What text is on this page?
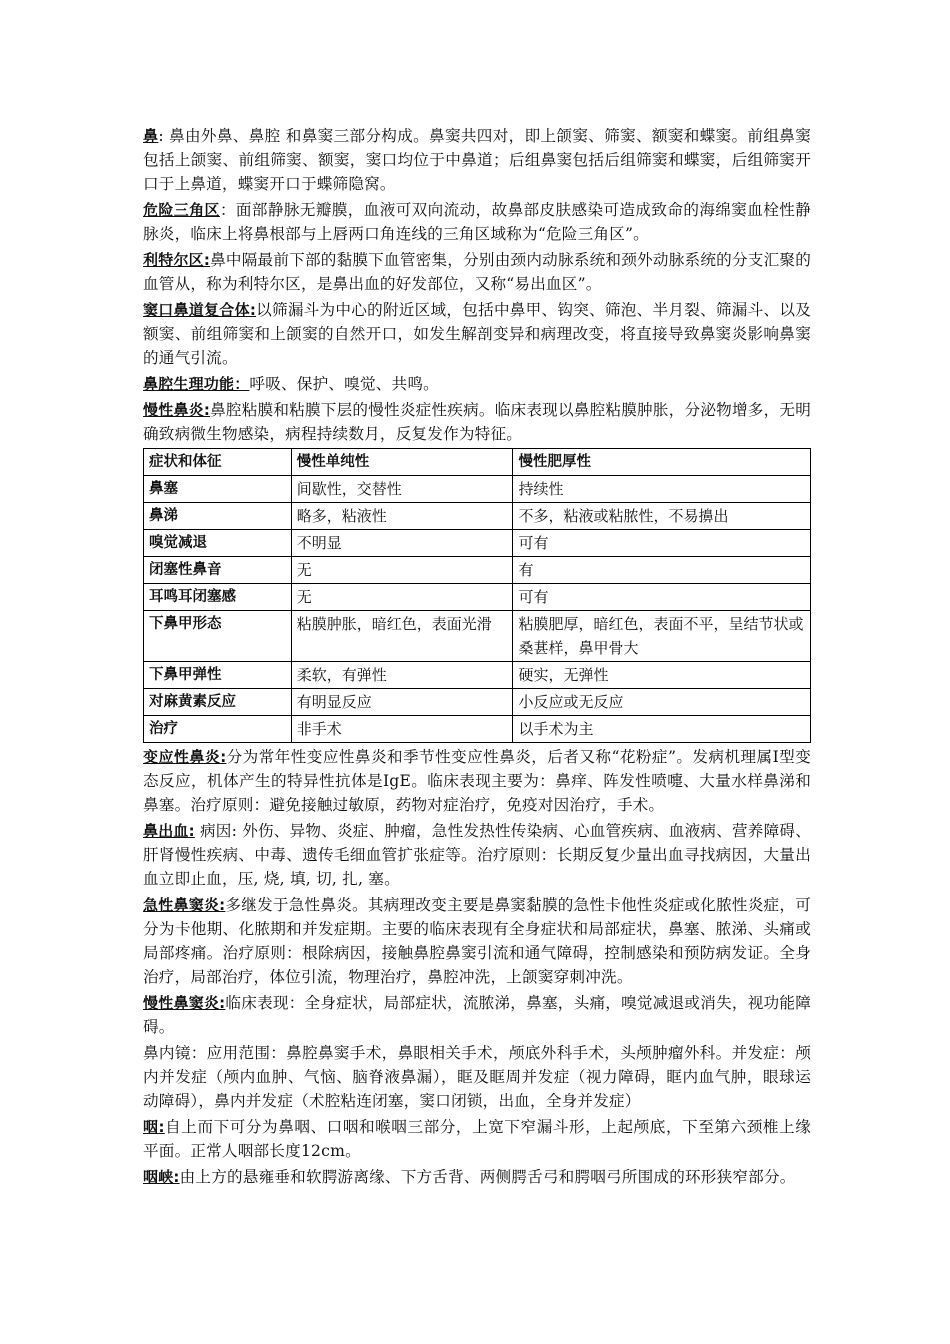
鼻: 鼻由外鼻、鼻腔 和鼻窦三部分构成。鼻窦共四对，即上颌窦、筛窦、额窦和蝶窦。前组鼻窦包括上颌窦、前组筛窦、额窦，窦口均位于中鼻道；后组鼻窦包括后组筛窦和蝶窦，后组筛窦开口于上鼻道，蝶窦开口于蝶筛隐窝。

危险三角区：面部静脉无瓣膜，血液可双向流动，故鼻部皮肤感染可造成致命的海绵窦血栓性静脉炎，临床上将鼻根部与上唇两口角连线的三角区域称为“危险三角区”。

利特尔区:鼻中隔最前下部的黏膜下血管密集，分别由颈内动脉系统和颈外动脉系统的分支汇聚的血管从，称为利特尔区，是鼻出血的好发部位，又称“易出血区”。

窦口鼻道复合体:以筛漏斗为中心的附近区域，包括中鼻甲、钩突、筛泡、半月裂、筛漏斗、以及额窦、前组筛窦和上颌窦的自然开口，如发生解剖变异和病理改变，将直接导致鼻窦炎影响鼻窦的通气引流。

鼻腔生理功能：呼吸、保护、嗅觉、共鸣。

慢性鼻炎:鼻腔粘膜和粘膜下层的慢性炎症性疾病。临床表现以鼻腔粘膜肿胀，分泌物增多，无明确致病微生物感染，病程持续数月，反复发作为特征。

症状和体征	慢性单纯性	慢性肥厚性
鼻塞	间歇性，交替性	持续性
鼻涕	略多，粘液性	不多，粘液或粘脓性，不易擤出
嗅觉减退	不明显	可有
闭塞性鼻音	无	有
耳鸣耳闭塞感	无	可有
下鼻甲形态	粘膜肿胀，暗红色，表面光滑	粘膜肥厚，暗红色，表面不平，呈结节状或桑葚样，鼻甲骨大
下鼻甲弹性	柔软，有弹性	硬实，无弹性
对麻黄素反应	有明显反应	小反应或无反应
治疗	非手术	以手术为主

变应性鼻炎:分为常年性变应性鼻炎和季节性变应性鼻炎，后者又称“花粉症”。发病机理属Ⅰ型变态反应，机体产生的特异性抗体是IgE。临床表现主要为：鼻痒、阵发性喷嚏、大量水样鼻涕和鼻塞。治疗原则：避免接触过敏原，药物对症治疗，免疫对因治疗，手术。

鼻出血: 病因: 外伤、异物、炎症、肿瘤，急性发热性传染病、心血管疾病、血液病、营养障碍、肝肾慢性疾病、中毒、遗传毛细血管扩张症等。治疗原则：长期反复少量出血寻找病因，大量出血立即止血，压, 烧, 填, 切, 扎, 塞。

急性鼻窦炎:多继发于急性鼻炎。其病理改变主要是鼻窦黏膜的急性卡他性炎症或化脓性炎症，可分为卡他期、化脓期和并发症期。主要的临床表现有全身症状和局部症状，鼻塞、脓涕、头痛或局部疼痛。治疗原则：根除病因，接触鼻腔鼻窦引流和通气障碍，控制感染和预防病发证。全身治疗，局部治疗，体位引流，物理治疗，鼻腔冲洗，上颌窦穿刺冲洗。

慢性鼻窦炎:临床表现：全身症状，局部症状，流脓涕，鼻塞，头痛，嗅觉减退或消失，视功能障碍。

鼻内镜：应用范围：鼻腔鼻窦手术，鼻眼相关手术，颅底外科手术，头颅肿瘤外科。并发症：颅内并发症（颅内血肿、气恼、脑脊液鼻漏），眶及眶周并发症（视力障碍，眶内血气肿，眼球运动障碍），鼻内并发症（术腔粘连闭塞，窦口闭锁，出血，全身并发症）

咽:自上而下可分为鼻咽、口咽和喉咽三部分，上宽下窄漏斗形，上起颅底，下至第六颈椎上缘平面。正常人咽部长度12cm。

咽峡:由上方的悬雍垂和软腭游离缘、下方舌背、两侧腭舌弓和腭咽弓所围成的环形狭窄部分。
